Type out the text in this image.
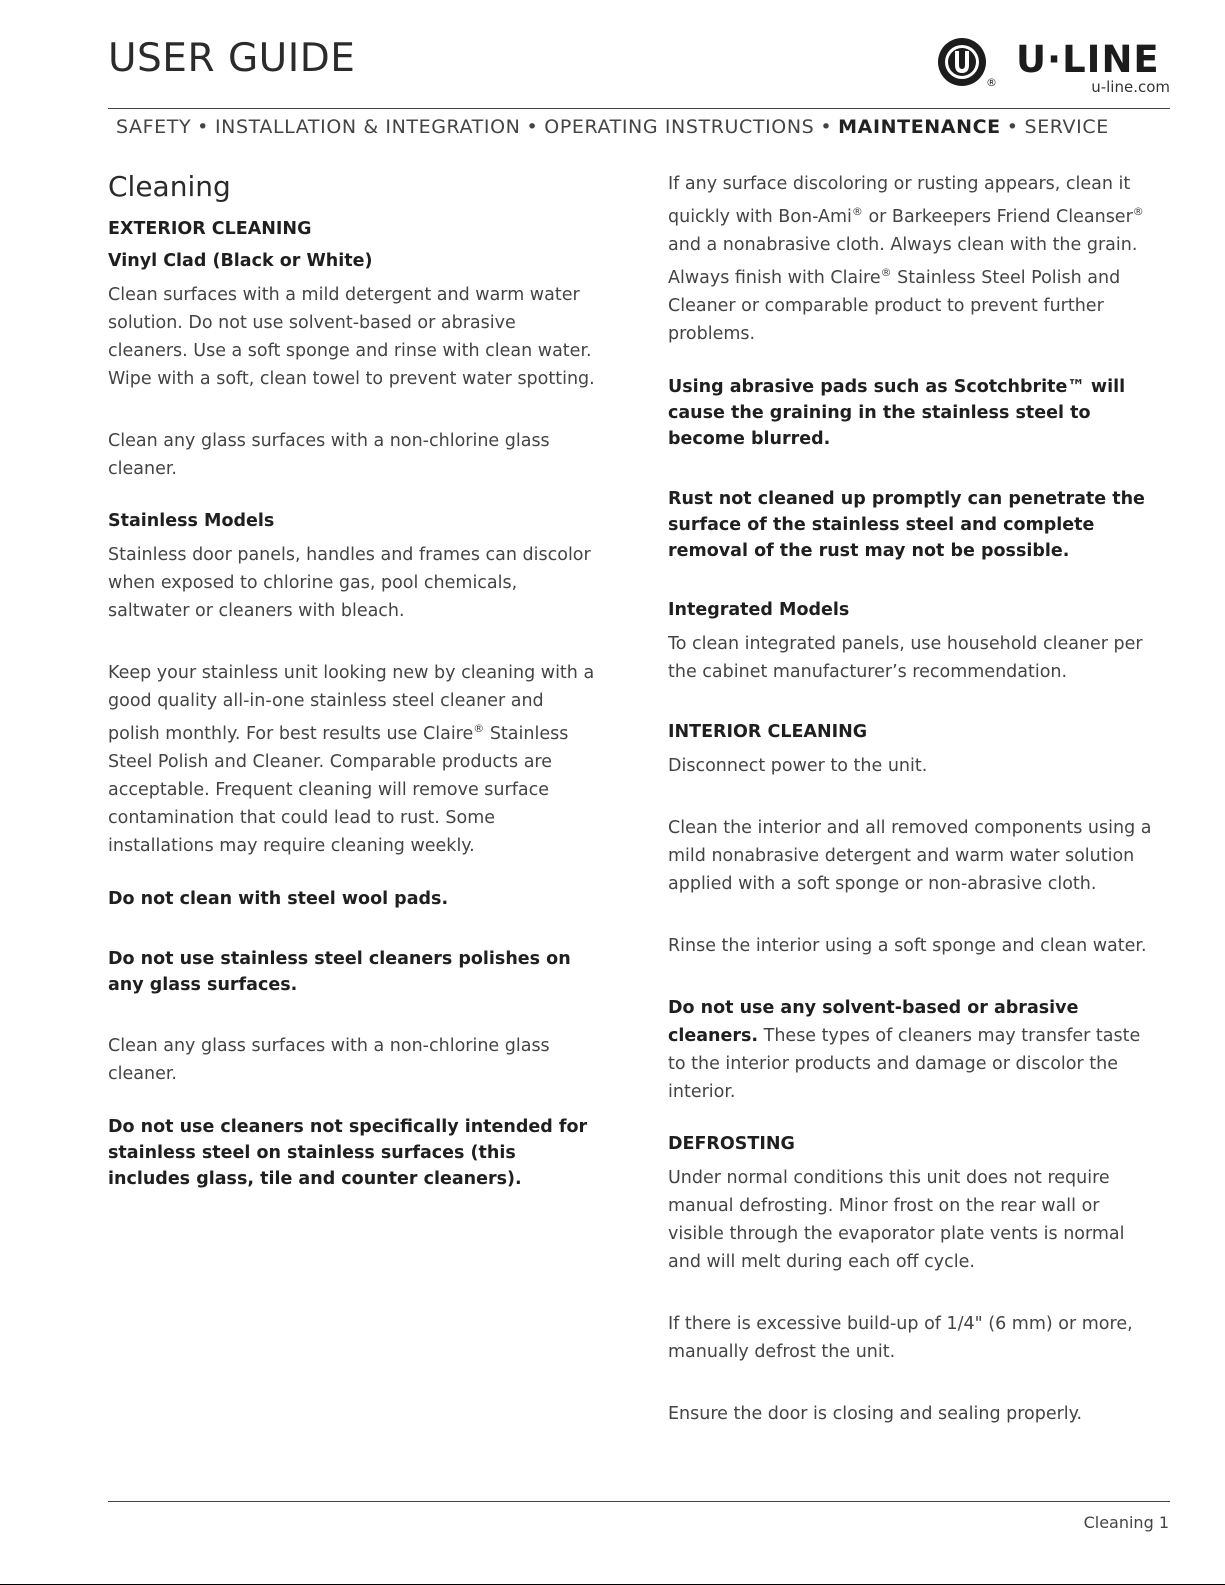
USER GUIDE
®
U·LINE
u-line.com
SAFETY • INSTALLATION & INTEGRATION • OPERATING INSTRUCTIONS • MAINTENANCE • SERVICE
Cleaning
EXTERIOR CLEANING
Vinyl Clad (Black or White)

Clean surfaces with a mild detergent and warm water solution. Do not use solvent-based or abrasive cleaners. Use a soft sponge and rinse with clean water. Wipe with a soft, clean towel to prevent water spotting.

Clean any glass surfaces with a non-chlorine glass cleaner.

Stainless Models

Stainless door panels, handles and frames can discolor when exposed to chlorine gas, pool chemicals, saltwater or cleaners with bleach.

Keep your stainless unit looking new by cleaning with a good quality all-in-one stainless steel cleaner and polish monthly. For best results use Claire® Stainless Steel Polish and Cleaner. Comparable products are acceptable. Frequent cleaning will remove surface contamination that could lead to rust. Some installations may require cleaning weekly.

Do not clean with steel wool pads.

Do not use stainless steel cleaners polishes on any glass surfaces.

Clean any glass surfaces with a non-chlorine glass cleaner.

Do not use cleaners not specifically intended for stainless steel on stainless surfaces (this includes glass, tile and counter cleaners).

If any surface discoloring or rusting appears, clean it quickly with Bon-Ami® or Barkeepers Friend Cleanser® and a nonabrasive cloth. Always clean with the grain. Always finish with Claire® Stainless Steel Polish and Cleaner or comparable product to prevent further problems.

Using abrasive pads such as Scotchbrite™ will cause the graining in the stainless steel to become blurred.

Rust not cleaned up promptly can penetrate the surface of the stainless steel and complete removal of the rust may not be possible.

Integrated Models

To clean integrated panels, use household cleaner per the cabinet manufacturer’s recommendation.

INTERIOR CLEANING

Disconnect power to the unit.

Clean the interior and all removed components using a mild nonabrasive detergent and warm water solution applied with a soft sponge or non-abrasive cloth.

Rinse the interior using a soft sponge and clean water.

Do not use any solvent-based or abrasive cleaners. These types of cleaners may transfer taste to the interior products and damage or discolor the interior.

DEFROSTING

Under normal conditions this unit does not require manual defrosting. Minor frost on the rear wall or visible through the evaporator plate vents is normal and will melt during each off cycle.

If there is excessive build-up of 1/4" (6 mm) or more, manually defrost the unit.

Ensure the door is closing and sealing properly.

Cleaning 1
